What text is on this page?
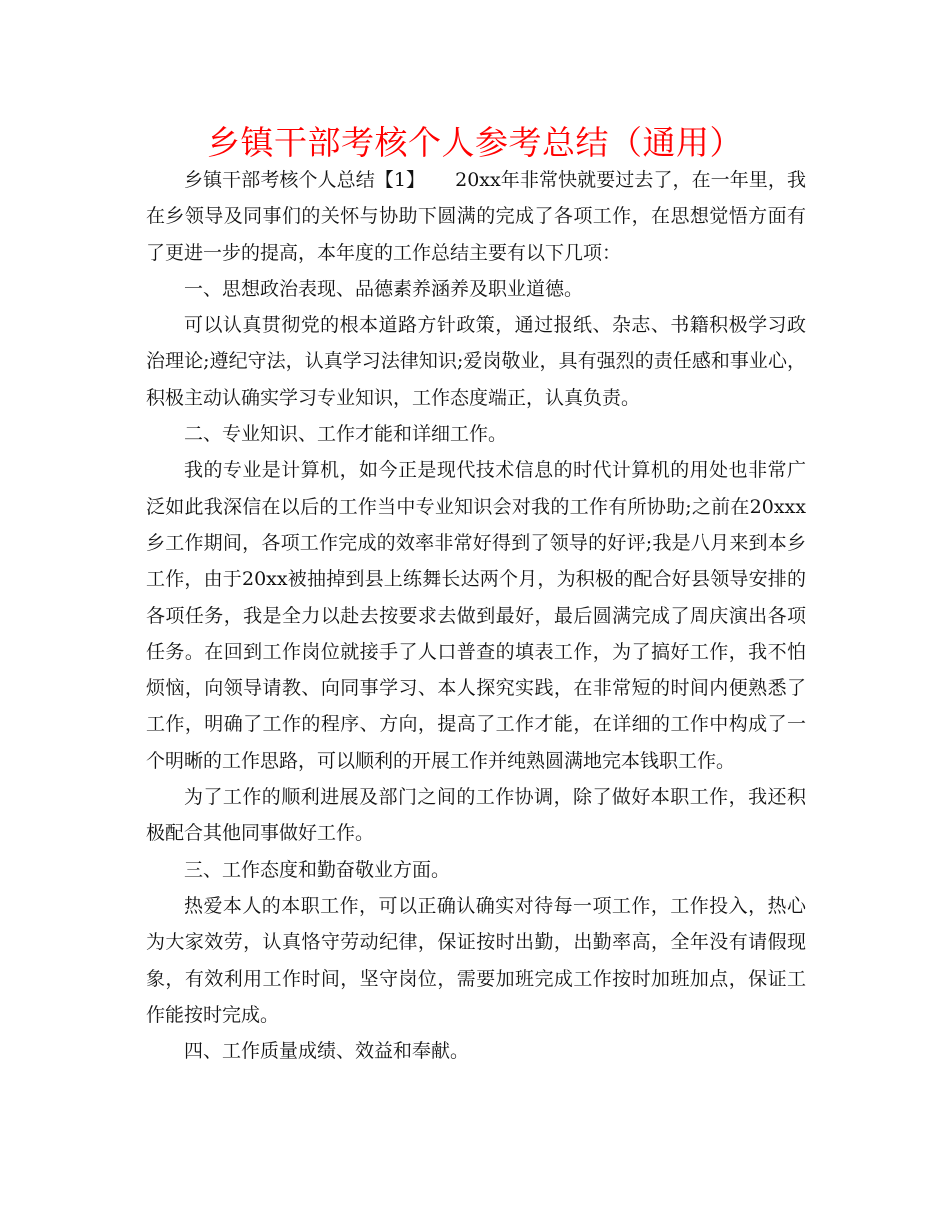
乡镇干部考核个人参考总结（通用）

乡镇干部考核个人总结【1】 20xx年非常快就要过去了，在一年里，我在乡领导及同事们的关怀与协助下圆满的完成了各项工作，在思想觉悟方面有了更进一步的提高，本年度的工作总结主要有以下几项：

一、思想政治表现、品德素养涵养及职业道德。

可以认真贯彻党的根本道路方针政策，通过报纸、杂志、书籍积极学习政治理论;遵纪守法，认真学习法律知识;爱岗敬业，具有强烈的责任感和事业心，积极主动认确实学习专业知识，工作态度端正，认真负责。

二、专业知识、工作才能和详细工作。

我的专业是计算机，如今正是现代技术信息的时代计算机的用处也非常广泛如此我深信在以后的工作当中专业知识会对我的工作有所协助;之前在20xxx乡工作期间，各项工作完成的效率非常好得到了领导的好评;我是八月来到本乡工作，由于20xx被抽掉到县上练舞长达两个月，为积极的配合好县领导安排的各项任务，我是全力以赴去按要求去做到最好，最后圆满完成了周庆演出各项任务。在回到工作岗位就接手了人口普查的填表工作，为了搞好工作，我不怕烦恼，向领导请教、向同事学习、本人探究实践，在非常短的时间内便熟悉了工作，明确了工作的程序、方向，提高了工作才能，在详细的工作中构成了一个明晰的工作思路，可以顺利的开展工作并纯熟圆满地完本钱职工作。

为了工作的顺利进展及部门之间的工作协调，除了做好本职工作，我还积极配合其他同事做好工作。

三、工作态度和勤奋敬业方面。

热爱本人的本职工作，可以正确认确实对待每一项工作，工作投入，热心为大家效劳，认真恪守劳动纪律，保证按时出勤，出勤率高，全年没有请假现象，有效利用工作时间，坚守岗位，需要加班完成工作按时加班加点，保证工作能按时完成。

四、工作质量成绩、效益和奉献。
